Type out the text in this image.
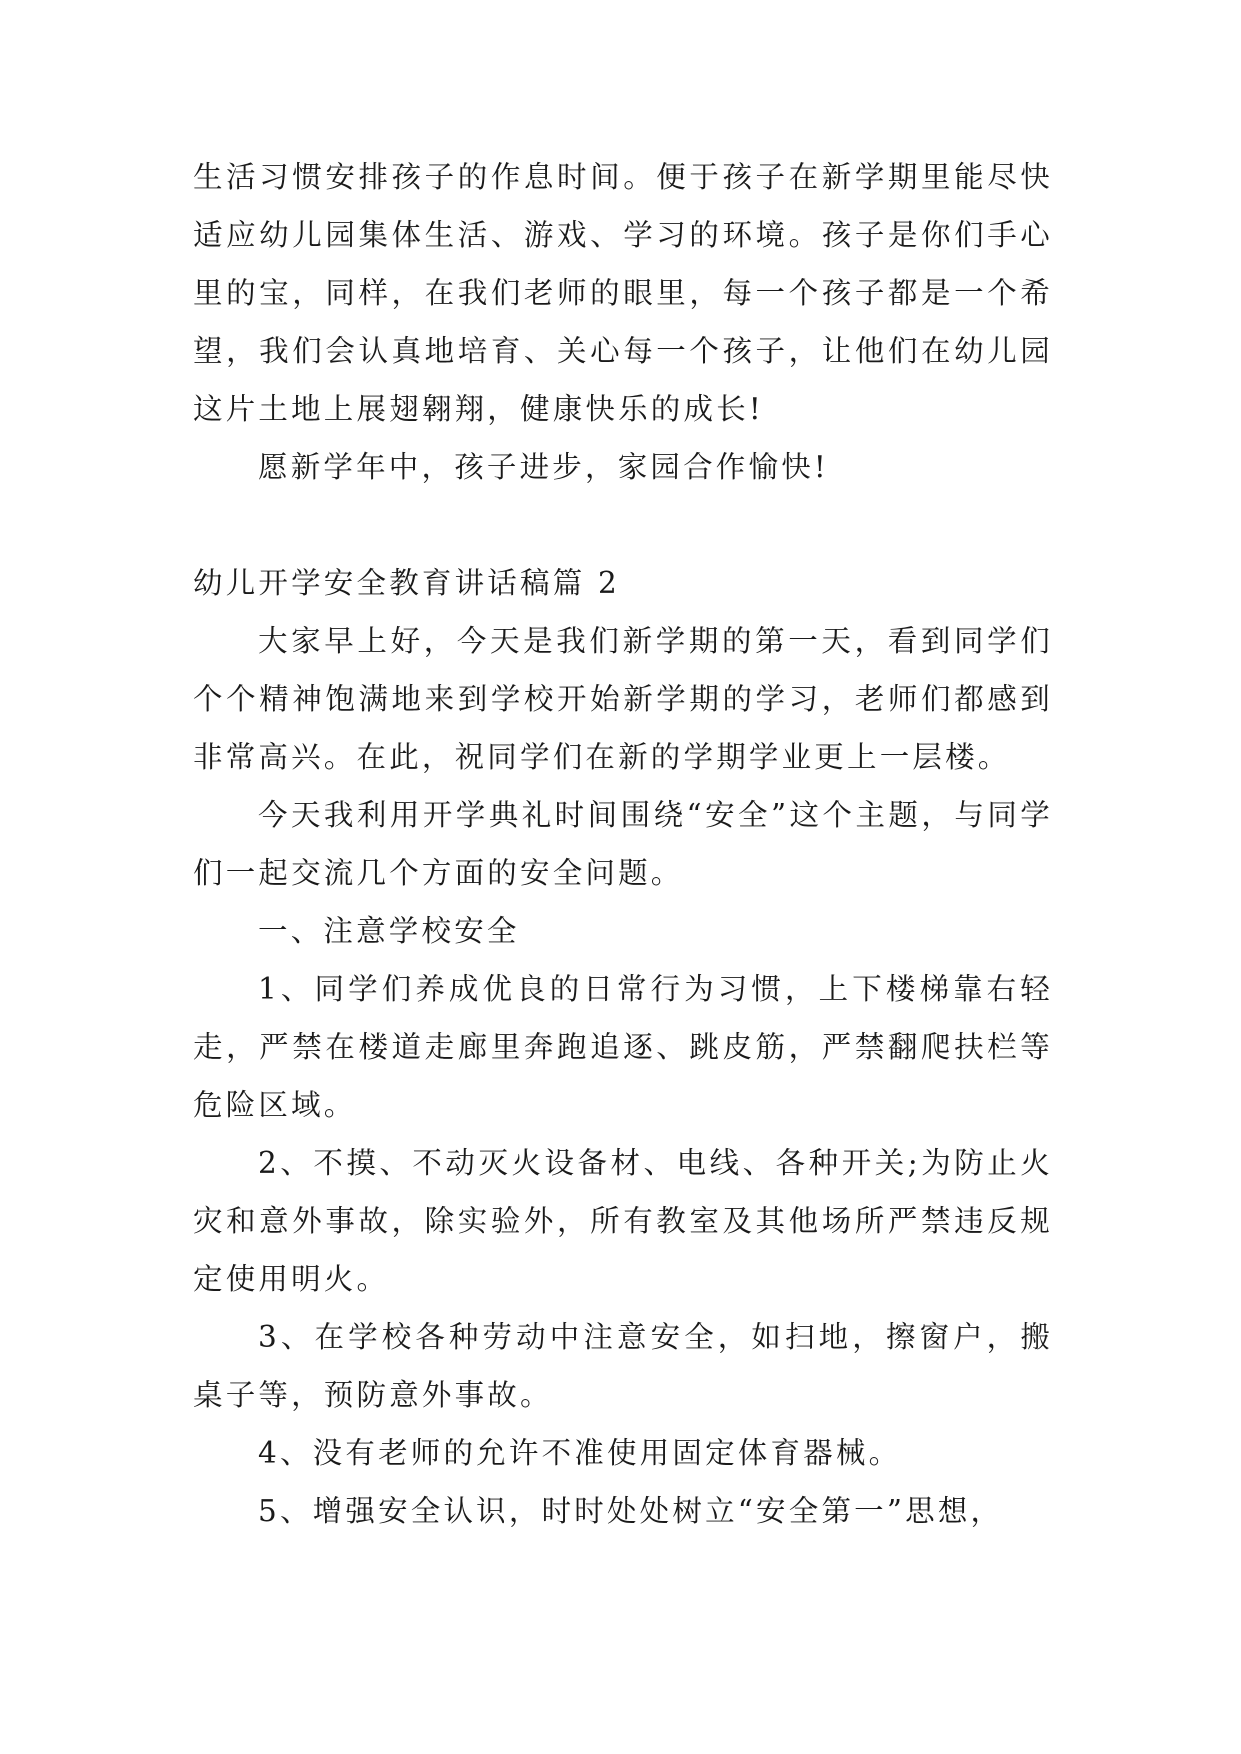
生活习惯安排孩子的作息时间。便于孩子在新学期里能尽快适应幼儿园集体生活、游戏、学习的环境。孩子是你们手心里的宝，同样，在我们老师的眼里，每一个孩子都是一个希望，我们会认真地培育、关心每一个孩子，让他们在幼儿园这片土地上展翅翱翔，健康快乐的成长!

愿新学年中，孩子进步，家园合作愉快!

幼儿开学安全教育讲话稿篇 2

大家早上好，今天是我们新学期的第一天，看到同学们个个精神饱满地来到学校开始新学期的学习，老师们都感到非常高兴。在此，祝同学们在新的学期学业更上一层楼。

今天我利用开学典礼时间围绕“安全”这个主题，与同学们一起交流几个方面的安全问题。

一、注意学校安全

1、同学们养成优良的日常行为习惯，上下楼梯靠右轻走，严禁在楼道走廊里奔跑追逐、跳皮筋，严禁翻爬扶栏等危险区域。

2、不摸、不动灭火设备材、电线、各种开关;为防止火灾和意外事故，除实验外，所有教室及其他场所严禁违反规定使用明火。

3、在学校各种劳动中注意安全，如扫地，擦窗户，搬桌子等，预防意外事故。

4、没有老师的允许不准使用固定体育器械。

5、增强安全认识，时时处处树立“安全第一”思想，
